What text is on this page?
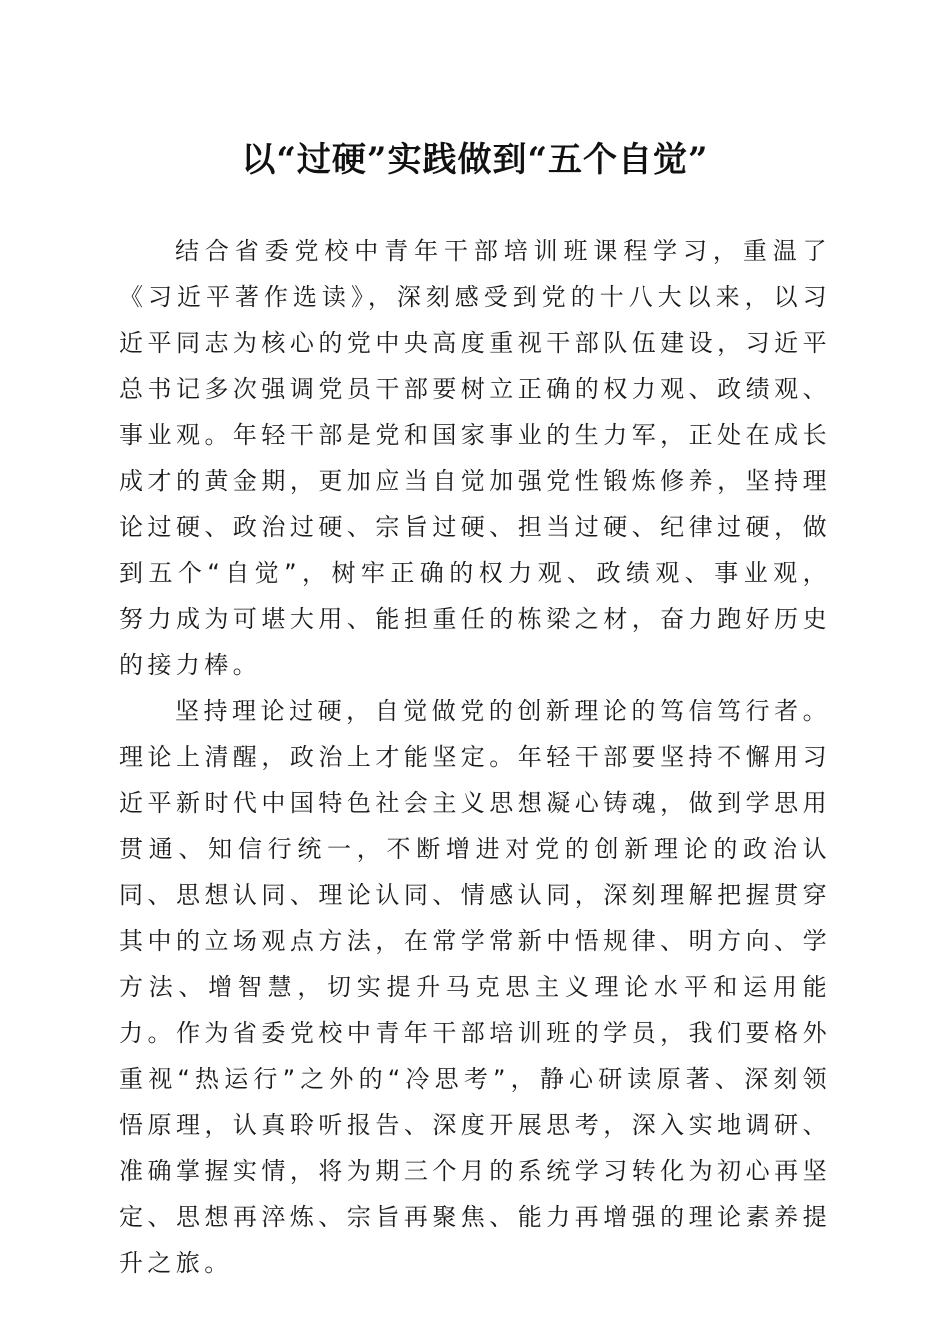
以“过硬”实践做到“五个自觉”

结合省委党校中青年干部培训班课程学习，重温了《习近平著作选读》，深刻感受到党的十八大以来，以习近平同志为核心的党中央高度重视干部队伍建设，习近平总书记多次强调党员干部要树立正确的权力观、政绩观、事业观。年轻干部是党和国家事业的生力军，正处在成长成才的黄金期，更加应当自觉加强党性锻炼修养，坚持理论过硬、政治过硬、宗旨过硬、担当过硬、纪律过硬，做到五个“自觉”，树牢正确的权力观、政绩观、事业观，努力成为可堪大用、能担重任的栋梁之材，奋力跑好历史的接力棒。

坚持理论过硬，自觉做党的创新理论的笃信笃行者。理论上清醒，政治上才能坚定。年轻干部要坚持不懈用习近平新时代中国特色社会主义思想凝心铸魂，做到学思用贯通、知信行统一，不断增进对党的创新理论的政治认同、思想认同、理论认同、情感认同，深刻理解把握贯穿其中的立场观点方法，在常学常新中悟规律、明方向、学方法、增智慧，切实提升马克思主义理论水平和运用能力。作为省委党校中青年干部培训班的学员，我们要格外重视“热运行”之外的“冷思考”，静心研读原著、深刻领悟原理，认真聆听报告、深度开展思考，深入实地调研、准确掌握实情，将为期三个月的系统学习转化为初心再坚定、思想再淬炼、宗旨再聚焦、能力再增强的理论素养提升之旅。
